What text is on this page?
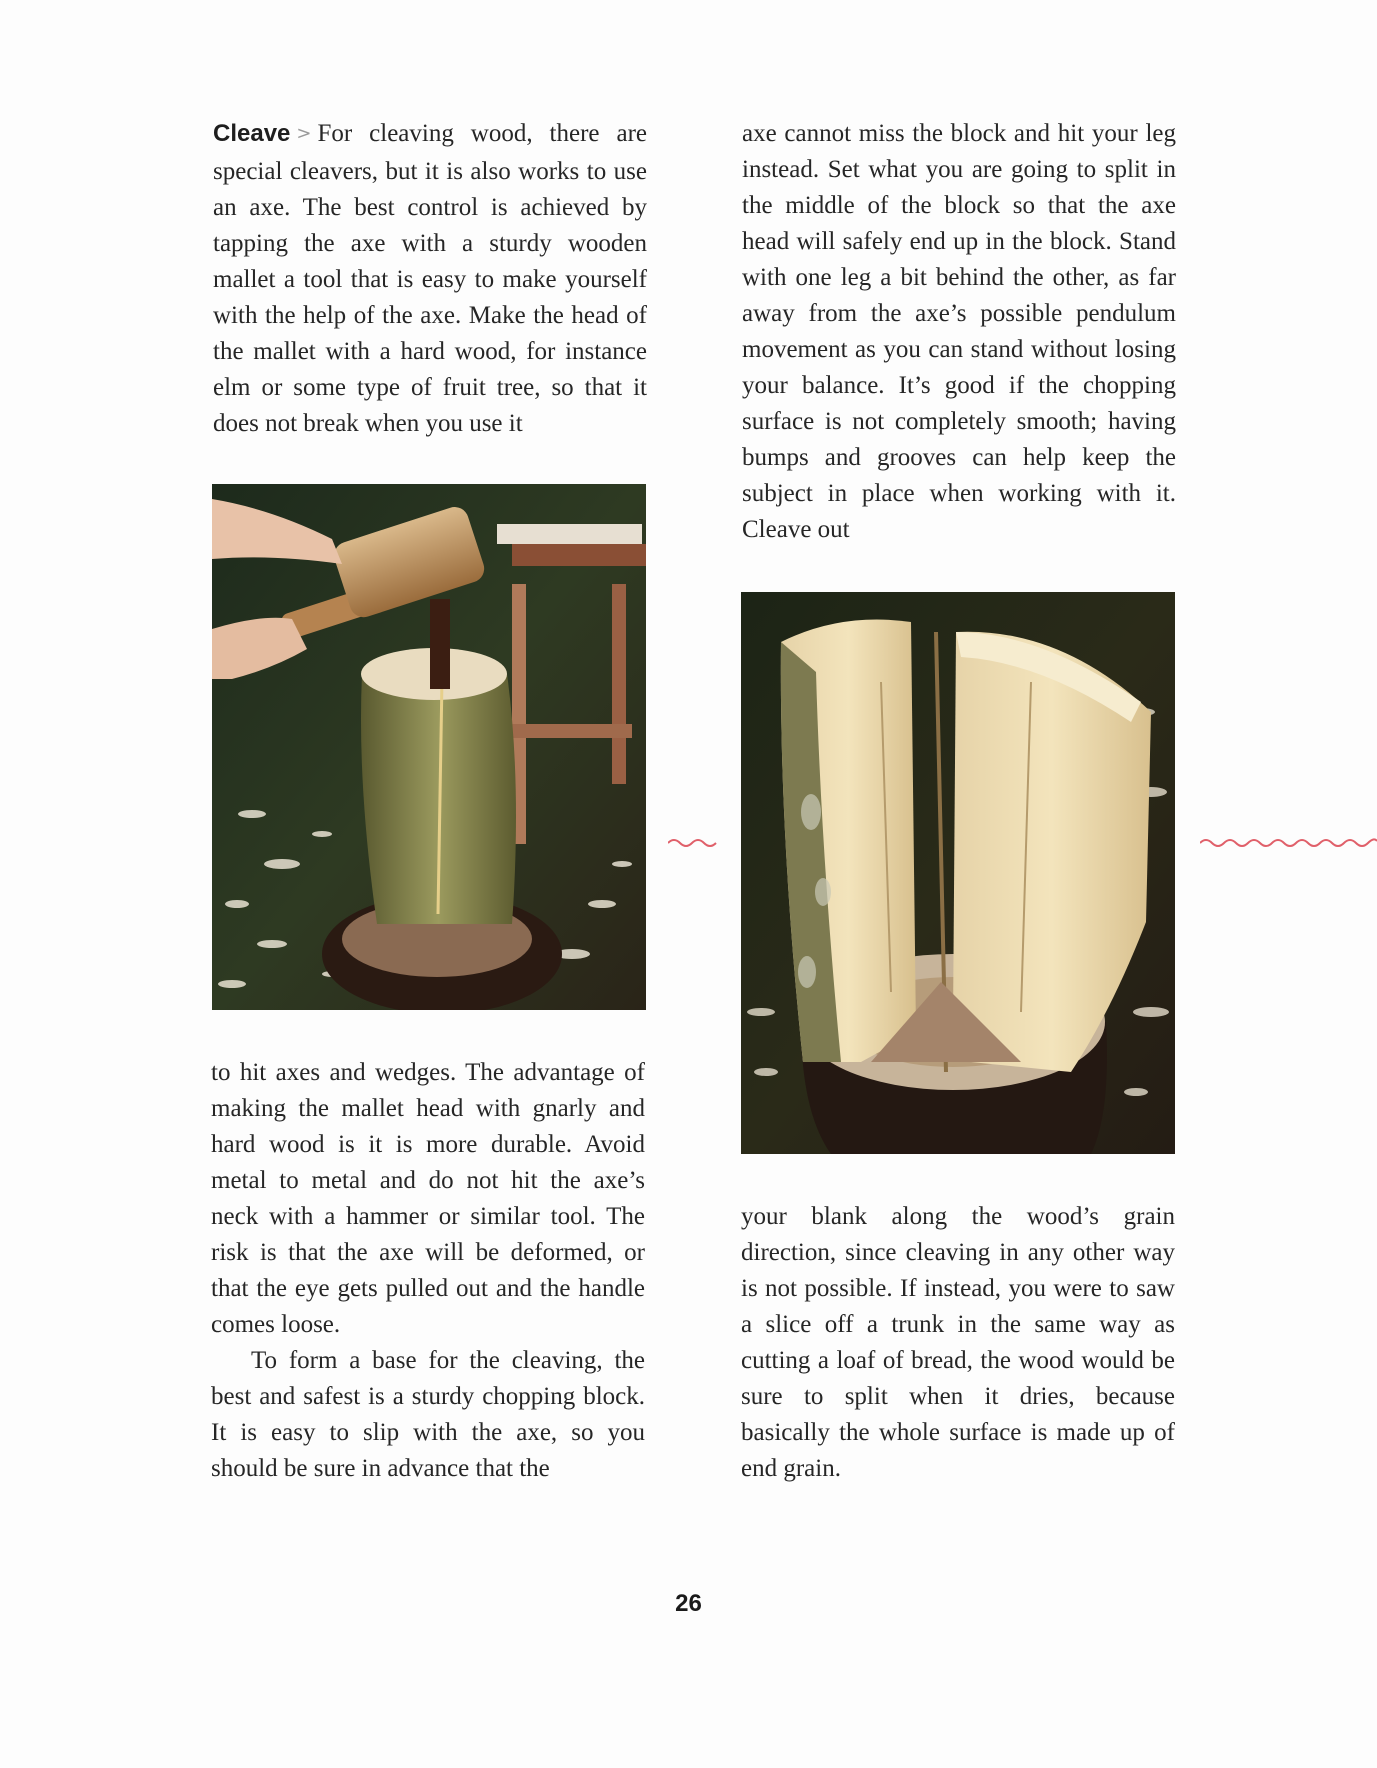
Cleave > For cleaving wood, there are special cleavers, but it is also works to use an axe. The best control is achieved by tapping the axe with a sturdy wooden mallet a tool that is easy to make yourself with the help of the axe. Make the head of the mallet with a hard wood, for instance elm or some type of fruit tree, so that it does not break when you use it

to hit axes and wedges. The advantage of making the mallet head with gnarly and hard wood is it is more durable. Avoid metal to metal and do not hit the axe’s neck with a hammer or similar tool. The risk is that the axe will be deformed, or that the eye gets pulled out and the handle comes loose.

To form a base for the cleaving, the best and safest is a sturdy chopping block. It is easy to slip with the axe, so you should be sure in advance that the

axe cannot miss the block and hit your leg instead. Set what you are going to split in the middle of the block so that the axe head will safely end up in the block. Stand with one leg a bit behind the other, as far away from the axe’s possible pendulum movement as you can stand without losing your balance. It’s good if the chopping surface is not completely smooth; having bumps and grooves can help keep the subject in place when working with it. Cleave out

your blank along the wood’s grain direction, since cleaving in any other way is not possible. If instead, you were to saw a slice off a trunk in the same way as cutting a loaf of bread, the wood would be sure to split when it dries, because basically the whole surface is made up of end grain.

26
